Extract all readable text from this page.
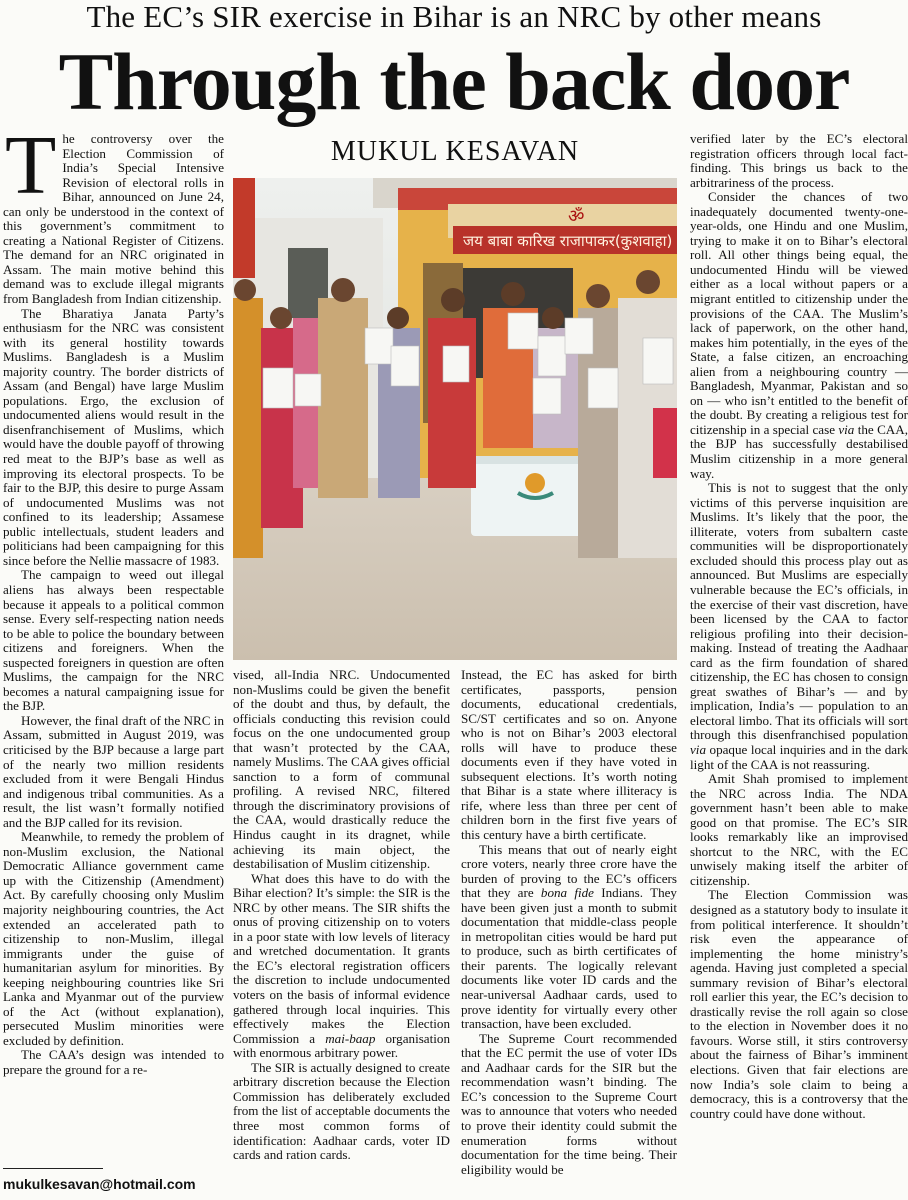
The EC’s SIR exercise in Bihar is an NRC by other means
Through the back door

The controversy over the Election Commission of India’s Special Intensive Revision of electoral rolls in Bihar, announced on June 24, can only be understood in the context of this government’s commitment to creating a National Register of Citizens. The demand for an NRC originated in Assam. The main motive behind this demand was to exclude illegal migrants from Bangladesh from Indian citizenship.

The Bharatiya Janata Party’s enthusiasm for the NRC was consistent with its general hostility towards Muslims. Bangladesh is a Muslim majority country. The border districts of Assam (and Bengal) have large Muslim populations. Ergo, the exclusion of undocumented aliens would result in the disenfranchisement of Muslims, which would have the double payoff of throwing red meat to the BJP’s base as well as improving its electoral prospects. To be fair to the BJP, this desire to purge Assam of undocumented Muslims was not confined to its leadership; Assamese public intellectuals, student leaders and politicians had been campaigning for this since before the Nellie massacre of 1983.

The campaign to weed out illegal aliens has always been respectable because it appeals to a political common sense. Every self-respecting nation needs to be able to police the boundary between citizens and foreigners. When the suspected foreigners in question are often Muslims, the campaign for the NRC becomes a natural campaigning issue for the BJP.

However, the final draft of the NRC in Assam, submitted in August 2019, was criticised by the BJP because a large part of the nearly two million residents excluded from it were Bengali Hindus and indigenous tribal communities. As a result, the list wasn’t formally notified and the BJP called for its revision.

Meanwhile, to remedy the problem of non-Muslim exclusion, the National Democratic Alliance government came up with the Citizenship (Amendment) Act. By carefully choosing only Muslim majority neighbouring countries, the Act extended an accelerated path to citizenship to non-Muslim, illegal immigrants under the guise of humanitarian asylum for minorities. By keeping neighbouring countries like Sri Lanka and Myanmar out of the purview of the Act (without explanation), persecuted Muslim minorities were excluded by definition.

The CAA’s design was intended to prepare the ground for a re-

MUKUL KESAVAN
जय बाबा कारिख राजापाकर(कुशवाहा)
ॐ

vised, all-India NRC. Undocumented non-Muslims could be given the benefit of the doubt and thus, by default, the officials conducting this revision could focus on the one undocumented group that wasn’t protected by the CAA, namely Muslims. The CAA gives official sanction to a form of communal profiling. A revised NRC, filtered through the discriminatory provisions of the CAA, would drastically reduce the Hindus caught in its dragnet, while achieving its main object, the destabilisation of Muslim citizenship.

What does this have to do with the Bihar election? It’s simple: the SIR is the NRC by other means. The SIR shifts the onus of proving citizenship on to voters in a poor state with low levels of literacy and wretched documentation. It grants the EC’s electoral registration officers the discretion to include undocumented voters on the basis of informal evidence gathered through local inquiries. This effectively makes the Election Commission a mai-baap organisation with enormous arbitrary power.

The SIR is actually designed to create arbitrary discretion because the Election Commission has deliberately excluded from the list of acceptable documents the three most common forms of identification: Aadhaar cards, voter ID cards and ration cards.

Instead, the EC has asked for birth certificates, passports, pension documents, educational credentials, SC/ST certificates and so on. Anyone who is not on Bihar’s 2003 electoral rolls will have to produce these documents even if they have voted in subsequent elections. It’s worth noting that Bihar is a state where illiteracy is rife, where less than three per cent of children born in the first five years of this century have a birth certificate.

This means that out of nearly eight crore voters, nearly three crore have the burden of proving to the EC’s officers that they are bona fide Indians. They have been given just a month to submit documentation that middle-class people in metropolitan cities would be hard put to produce, such as birth certificates of their parents. The logically relevant documents like voter ID cards and the near-universal Aadhaar cards, used to prove identity for virtually every other transaction, have been excluded.

The Supreme Court recommended that the EC permit the use of voter IDs and Aadhaar cards for the SIR but the recommendation wasn’t binding. The EC’s concession to the Supreme Court was to announce that voters who needed to prove their identity could submit the enumeration forms without documentation for the time being. Their eligibility would be

verified later by the EC’s electoral registration officers through local fact-finding. This brings us back to the arbitrariness of the process.

Consider the chances of two inadequately documented twenty-one-year-olds, one Hindu and one Muslim, trying to make it on to Bihar’s electoral roll. All other things being equal, the undocumented Hindu will be viewed either as a local without papers or a migrant entitled to citizenship under the provisions of the CAA. The Muslim’s lack of paperwork, on the other hand, makes him potentially, in the eyes of the State, a false citizen, an encroaching alien from a neighbouring country — Bangladesh, Myanmar, Pakistan and so on — who isn’t entitled to the benefit of the doubt. By creating a religious test for citizenship in a special case via the CAA, the BJP has successfully destabilised Muslim citizenship in a more general way.

This is not to suggest that the only victims of this perverse inquisition are Muslims. It’s likely that the poor, the illiterate, voters from subaltern caste communities will be disproportionately excluded should this process play out as announced. But Muslims are especially vulnerable because the EC’s officials, in the exercise of their vast discretion, have been licensed by the CAA to factor religious profiling into their decision-making. Instead of treating the Aadhaar card as the firm foundation of shared citizenship, the EC has chosen to consign great swathes of Bihar’s — and by implication, India’s — population to an electoral limbo. That its officials will sort through this disenfranchised population via opaque local inquiries and in the dark light of the CAA is not reassuring.

Amit Shah promised to implement the NRC across India. The NDA government hasn’t been able to make good on that promise. The EC’s SIR looks remarkably like an improvised shortcut to the NRC, with the EC unwisely making itself the arbiter of citizenship.

The Election Commission was designed as a statutory body to insulate it from political interference. It shouldn’t risk even the appearance of implementing the home ministry’s agenda. Having just completed a special summary revision of Bihar’s electoral roll earlier this year, the EC’s decision to drastically revise the roll again so close to the election in November does it no favours. Worse still, it stirs controversy about the fairness of Bihar’s imminent elections. Given that fair elections are now India’s sole claim to being a democracy, this is a controversy that the country could have done without.

mukulkesavan@hotmail.com
